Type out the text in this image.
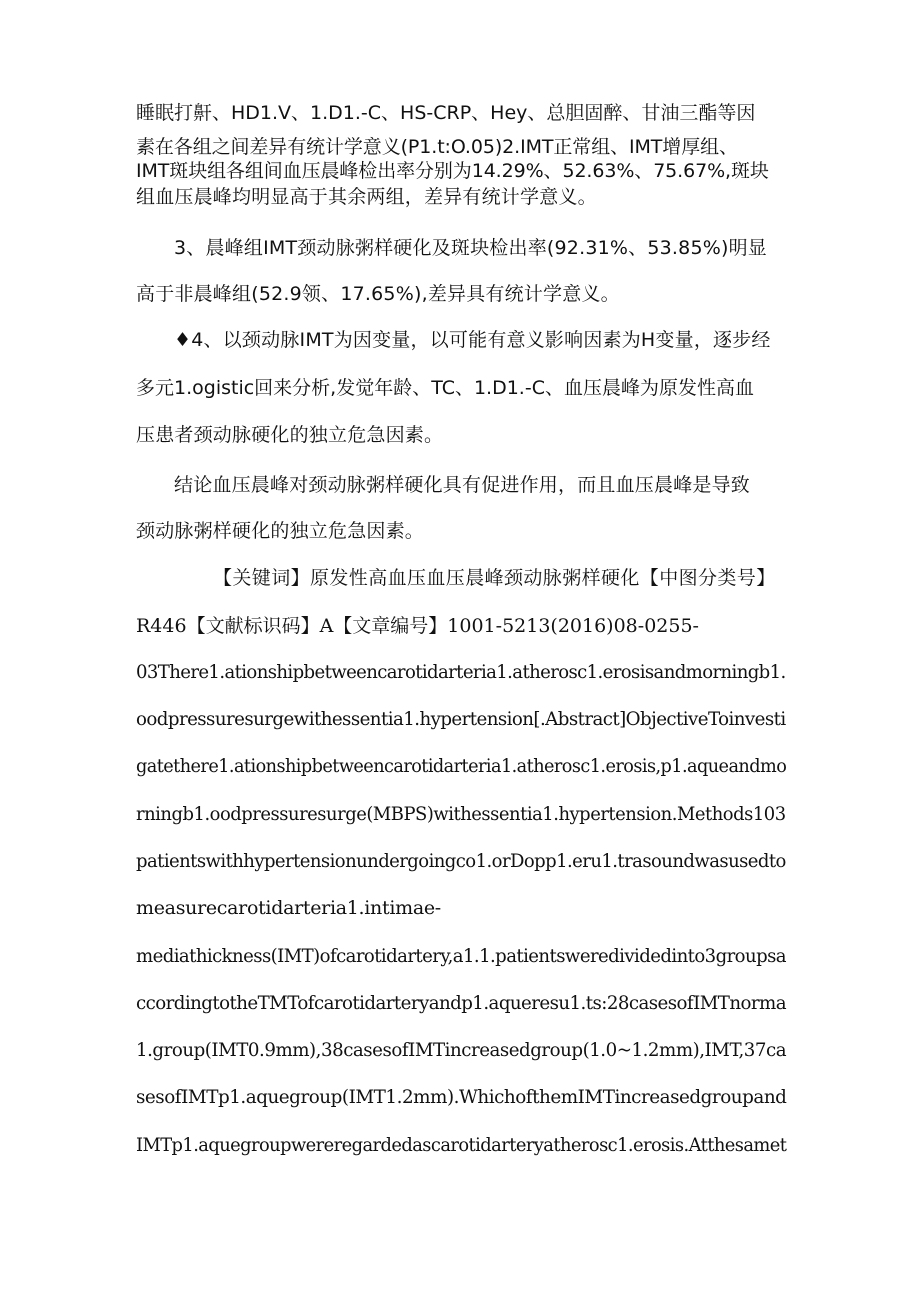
睡眠打鼾、HD1.V、1.D1.-C、HS-CRP、Hey、总胆固醉、甘油三酯等因
素在各组之间差异有统计学意义(P1.t:O.05)2.IMT正常组、IMT增厚组、
IMT斑块组各组间血压晨峰检出率分别为14.29%、52.63%、75.67%,斑块
组血压晨峰均明显高于其余两组，差异有统计学意义。
3、晨峰组IMT颈动脉粥样硬化及斑块检出率(92.31%、53.85%)明显
高于非晨峰组(52.9领、17.65%),差异具有统计学意义。
♦4、以颈动脉IMT为因变量，以可能有意义影响因素为H变量，逐步经
多元1.ogistic回来分析,发觉年龄、TC、1.D1.-C、血压晨峰为原发性高血
压患者颈动脉硬化的独立危急因素。
结论血压晨峰对颈动脉粥样硬化具有促进作用，而且血压晨峰是导致
颈动脉粥样硬化的独立危急因素。
【关键词】原发性高血压血压晨峰颈动脉粥样硬化【中图分类号】
R446【文献标识码】A【文章编号】1001-5213(2016)08-0255-
03There1.ationshipbetweencarotidarteria1.atherosc1.erosisandmorningb1.
oodpressuresurgewithessentia1.hypertension[.Abstract]ObjectiveToinvesti
gatethere1.ationshipbetweencarotidarteria1.atherosc1.erosis,p1.aqueandmo
rningb1.oodpressuresurge(MBPS)withessentia1.hypertension.Methods103
patientswithhypertensionundergoingco1.orDopp1.eru1.trasoundwasusedto
measurecarotidarteria1.intimae-
mediathickness(IMT)ofcarotidartery,a1.1.patientsweredividedinto3groupsa
ccordingtotheTMTofcarotidarteryandp1.aqueresu1.ts:28casesofIMTnorma
1.group(IMT0.9mm),38casesofIMTincreasedgroup(1.0~1.2mm),IMT,37ca
sesofIMTp1.aquegroup(IMT1.2mm).WhichofthemIMTincreasedgroupand
IMTp1.aquegroupwereregardedascarotidarteryatherosc1.erosis.Atthesamet
